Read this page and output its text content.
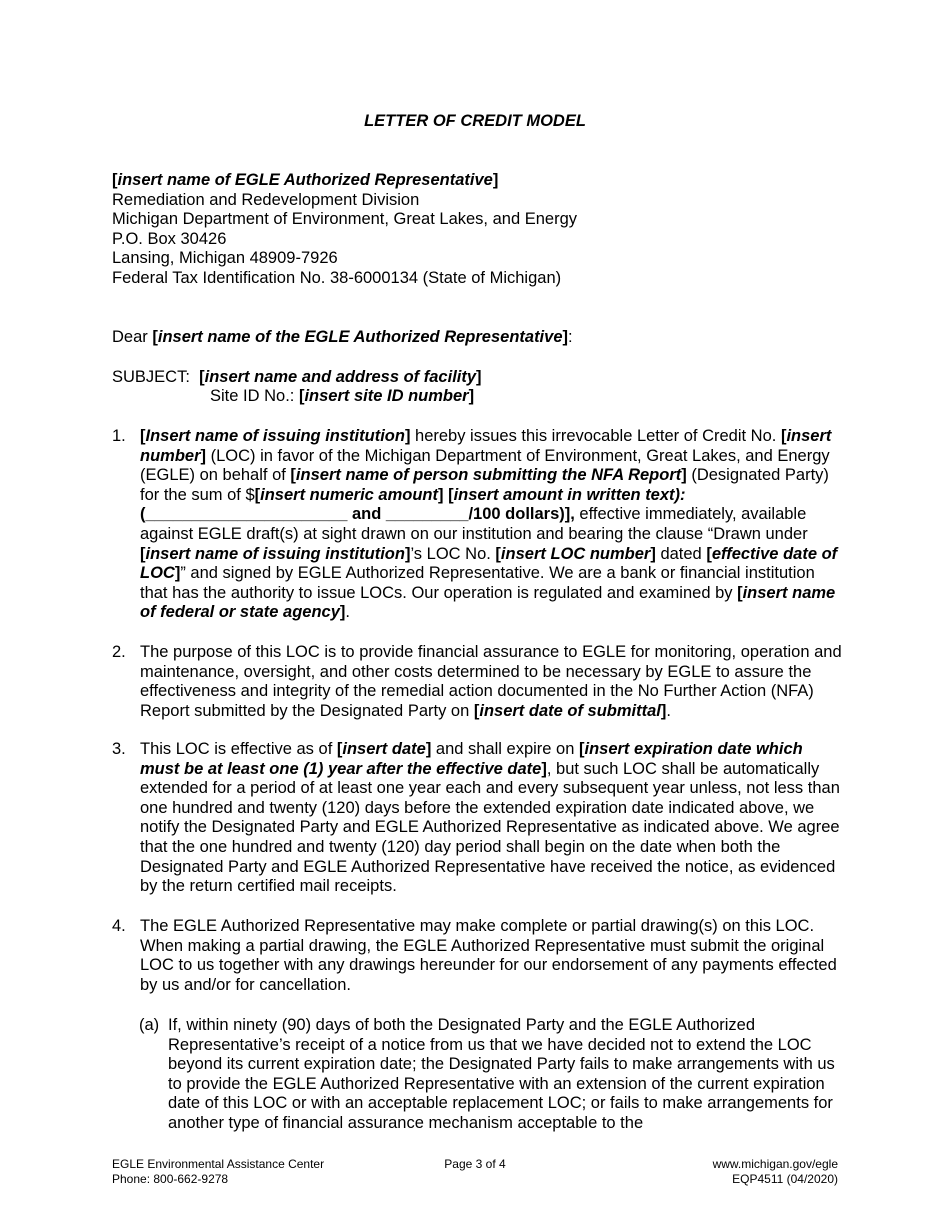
LETTER OF CREDIT MODEL
[insert name of EGLE Authorized Representative]
Remediation and Redevelopment Division
Michigan Department of Environment, Great Lakes, and Energy
P.O. Box 30426
Lansing, Michigan 48909-7926
Federal Tax Identification No. 38-6000134 (State of Michigan)
Dear [insert name of the EGLE Authorized Representative]:
SUBJECT: [insert name and address of facility]
Site ID No.: [insert site ID number]
1. [Insert name of issuing institution] hereby issues this irrevocable Letter of Credit No. [insert number] (LOC) in favor of the Michigan Department of Environment, Great Lakes, and Energy (EGLE) on behalf of [insert name of person submitting the NFA Report] (Designated Party) for the sum of $[insert numeric amount] [insert amount in written text): (______________________ and _________/100 dollars)], effective immediately, available against EGLE draft(s) at sight drawn on our institution and bearing the clause “Drawn under [insert name of issuing institution]’s LOC No. [insert LOC number] dated [effective date of LOC]” and signed by EGLE Authorized Representative. We are a bank or financial institution that has the authority to issue LOCs. Our operation is regulated and examined by [insert name of federal or state agency].
2. The purpose of this LOC is to provide financial assurance to EGLE for monitoring, operation and maintenance, oversight, and other costs determined to be necessary by EGLE to assure the effectiveness and integrity of the remedial action documented in the No Further Action (NFA) Report submitted by the Designated Party on [insert date of submittal].
3. This LOC is effective as of [insert date] and shall expire on [insert expiration date which must be at least one (1) year after the effective date], but such LOC shall be automatically extended for a period of at least one year each and every subsequent year unless, not less than one hundred and twenty (120) days before the extended expiration date indicated above, we notify the Designated Party and EGLE Authorized Representative as indicated above. We agree that the one hundred and twenty (120) day period shall begin on the date when both the Designated Party and EGLE Authorized Representative have received the notice, as evidenced by the return certified mail receipts.
4. The EGLE Authorized Representative may make complete or partial drawing(s) on this LOC. When making a partial drawing, the EGLE Authorized Representative must submit the original LOC to us together with any drawings hereunder for our endorsement of any payments effected by us and/or for cancellation.
(a) If, within ninety (90) days of both the Designated Party and the EGLE Authorized Representative’s receipt of a notice from us that we have decided not to extend the LOC beyond its current expiration date; the Designated Party fails to make arrangements with us to provide the EGLE Authorized Representative with an extension of the current expiration date of this LOC or with an acceptable replacement LOC; or fails to make arrangements for another type of financial assurance mechanism acceptable to the
EGLE Environmental Assistance Center
Phone: 800-662-9278
Page 3 of 4	www.michigan.gov/egle
EQP4511 (04/2020)
